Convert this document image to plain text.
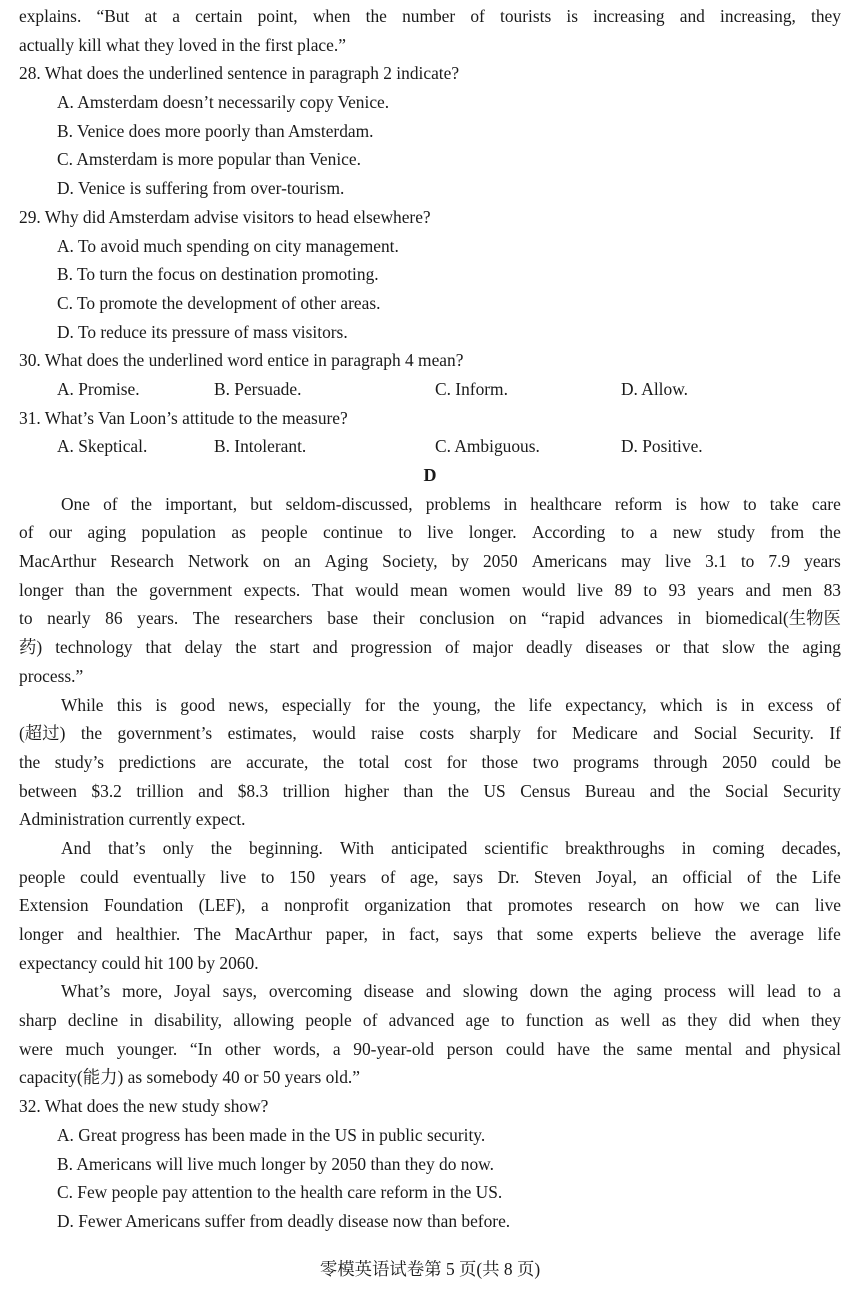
explains. “But at a certain point, when the number of tourists is increasing and increasing, they
actually kill what they loved in the first place.”
28. What does the underlined sentence in paragraph 2 indicate?
A. Amsterdam doesn’t necessarily copy Venice.
B. Venice does more poorly than Amsterdam.
C. Amsterdam is more popular than Venice.
D. Venice is suffering from over-tourism.
29. Why did Amsterdam advise visitors to head elsewhere?
A. To avoid much spending on city management.
B. To turn the focus on destination promoting.
C. To promote the development of other areas.
D. To reduce its pressure of mass visitors.
30. What does the underlined word entice in paragraph 4 mean?
A. Promise.	B. Persuade.	C. Inform.	D. Allow.
31. What’s Van Loon’s attitude to the measure?
A. Skeptical.	B. Intolerant.	C. Ambiguous.	D. Positive.
D
One of the important, but seldom-discussed, problems in healthcare reform is how to take care
of our aging population as people continue to live longer. According to a new study from the
MacArthur Research Network on an Aging Society, by 2050 Americans may live 3.1 to 7.9 years
longer than the government expects. That would mean women would live 89 to 93 years and men 83
to nearly 86 years. The researchers base their conclusion on “rapid advances in biomedical(生物医
药) technology that delay the start and progression of major deadly diseases or that slow the aging
process.”
While this is good news, especially for the young, the life expectancy, which is in excess of
(超过) the government’s estimates, would raise costs sharply for Medicare and Social Security. If
the study’s predictions are accurate, the total cost for those two programs through 2050 could be
between $3.2 trillion and $8.3 trillion higher than the US Census Bureau and the Social Security
Administration currently expect.
And that’s only the beginning. With anticipated scientific breakthroughs in coming decades,
people could eventually live to 150 years of age, says Dr. Steven Joyal, an official of the Life
Extension Foundation (LEF), a nonprofit organization that promotes research on how we can live
longer and healthier. The MacArthur paper, in fact, says that some experts believe the average life
expectancy could hit 100 by 2060.
What’s more, Joyal says, overcoming disease and slowing down the aging process will lead to a
sharp decline in disability, allowing people of advanced age to function as well as they did when they
were much younger. “In other words, a 90-year-old person could have the same mental and physical
capacity(能力) as somebody 40 or 50 years old.”
32. What does the new study show?
A. Great progress has been made in the US in public security.
B. Americans will live much longer by 2050 than they do now.
C. Few people pay attention to the health care reform in the US.
D. Fewer Americans suffer from deadly disease now than before.
零模英语试卷第 5 页(共 8 页)
